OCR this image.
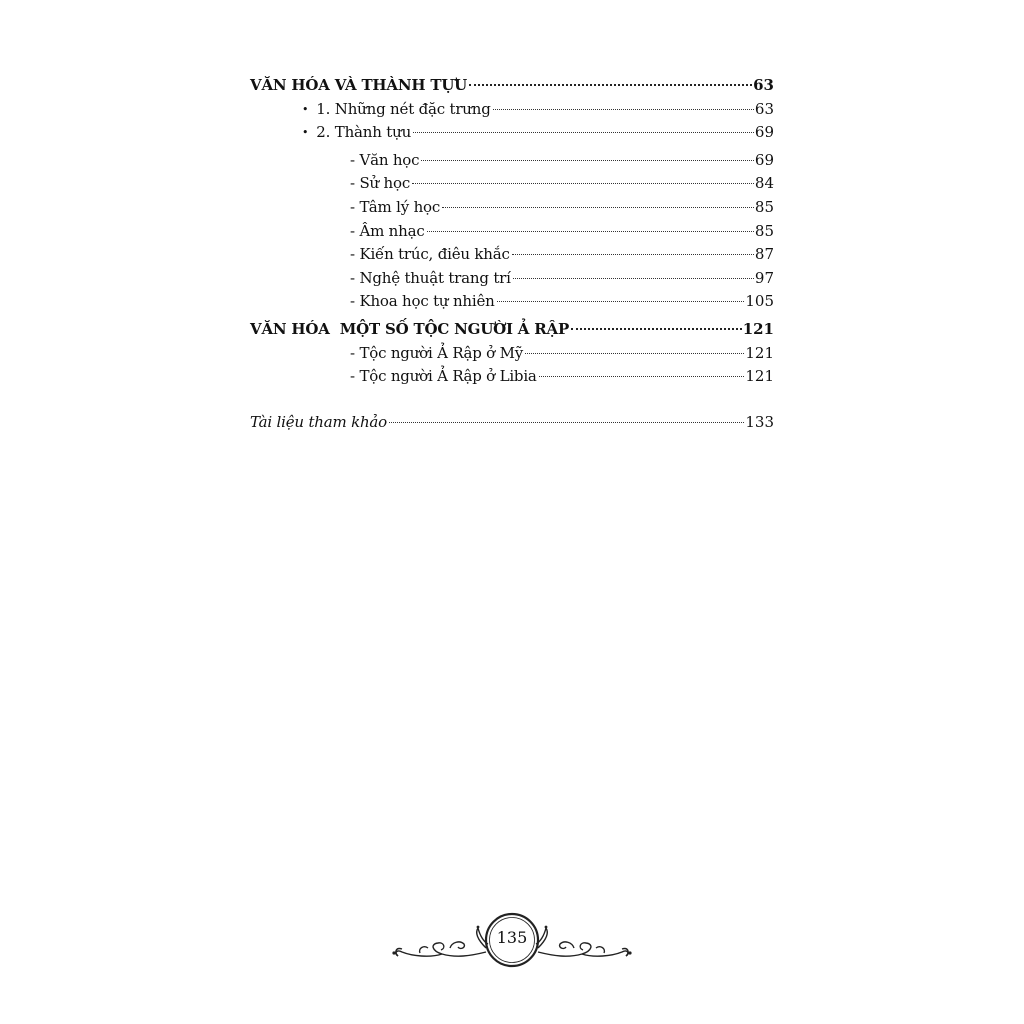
VĂN HÓA VÀ THÀNH TỰU	63
• 1. Những nét đặc trưng	63
• 2. Thành tựu	69
- Văn học	69
- Sử học	84
- Tâm lý học	85
- Âm nhạc	85
- Kiến trúc, điêu khắc	87
- Nghệ thuật trang trí	97
- Khoa học tự nhiên	105
VĂN HÓA  MỘT SỐ TỘC NGƯỜI Ả RẬP	121
- Tộc người Ả Rập ở Mỹ	121
- Tộc người Ả Rập ở Libia	121
Tài liệu tham khảo	133
135
